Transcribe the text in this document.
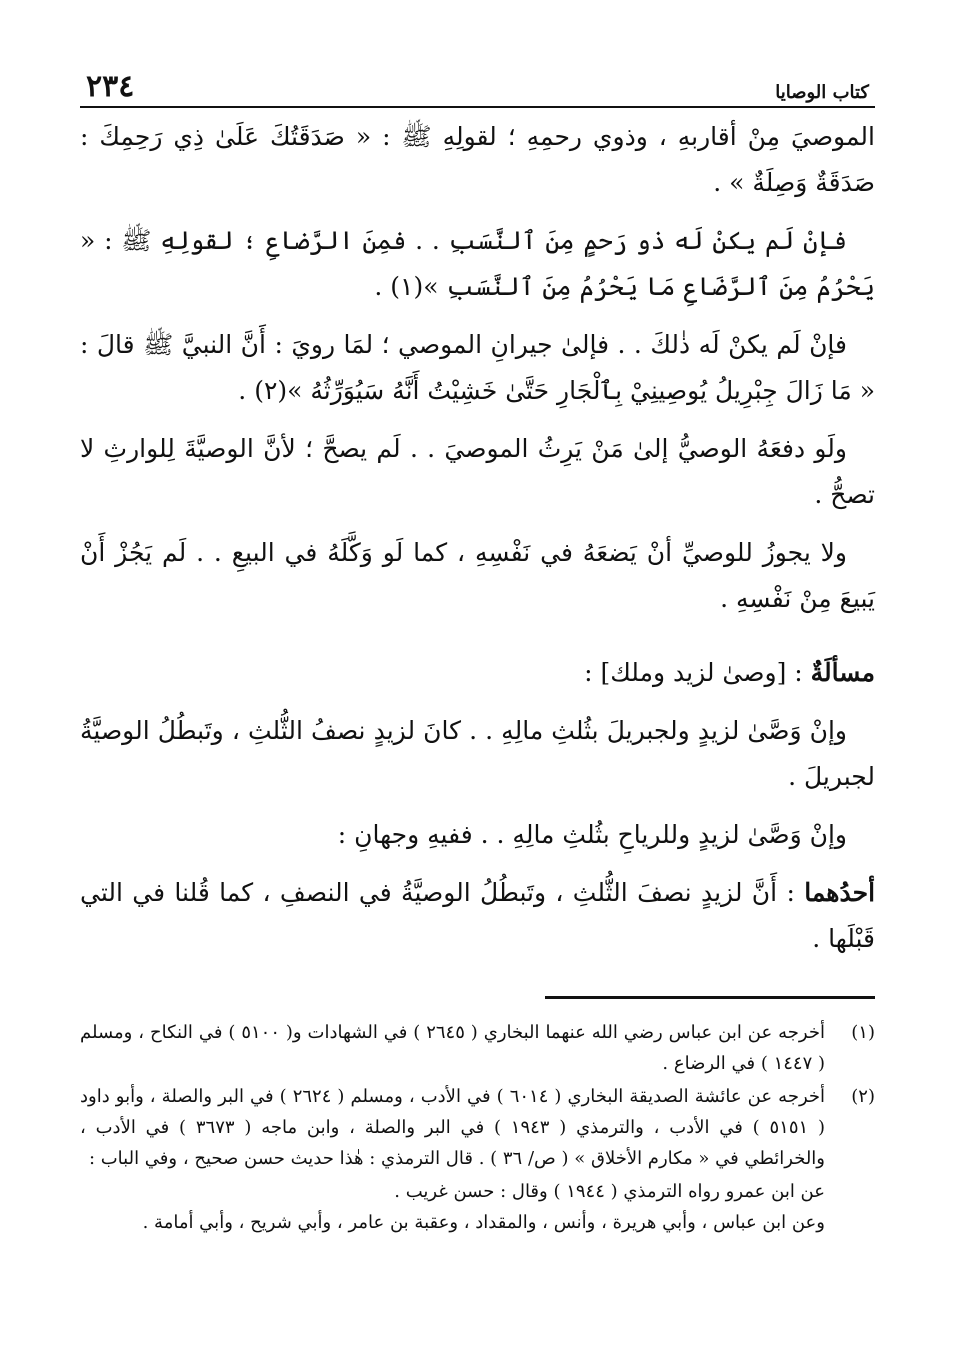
كتاب الوصايا
٢٣٤

الموصيَ مِنْ أقاربهِ ، وذوي رحمِهِ ؛ لقولِهِ ﷺ : « صَدَقَتُكَ عَلَىٰ ذِي رَحِمِكَ : صَدَقَةٌ وَصِلَةٌ » .

فإنْ لَم يكنْ لَه ذو رَحمٍ مِنَ ٱلنَّسَبِ . . فمِنَ الرَّضاعِ ؛ لقولِهِ ﷺ : « يَحْرُمُ مِنَ ٱلرَّضَاعِ مَا يَحْرُمُ مِنَ ٱلنَّسَبِ »(١) .

فإنْ لَم يكنْ لَه ذٰلكَ . . فإلىٰ جيرانِ الموصي ؛ لمَا رويَ : أَنَّ النبيَّ ﷺ قالَ : « مَا زَالَ جِبْرِيلُ يُوصِينِيْ بِٱلْجَارِ حَتَّىٰ خَشِيْتُ أَنَّهُ سَيُوَرِّثُهُ »(٢) .

ولَو دفعَهُ الوصيُّ إلىٰ مَنْ يَرِثُ الموصيَ . . لَم يصحَّ ؛ لأنَّ الوصيَّةَ لِلوارثِ لا تصحُّ .

ولا يجوزُ للوصيِّ أنْ يَضعَهُ في نَفْسِهِ ، كما لَو وَكَّلَهُ في البيعِ . . لَم يَجُزْ أَنْ يَبيعَ مِنْ نَفْسِهِ .

مسألَةٌ : [وصىٰ لزيد وملك] :

وإنْ وَصَّىٰ لزيدٍ ولجبريلَ بثُلثِ مالِهِ . . كانَ لزيدٍ نصفُ الثُّلثِ ، وتَبطُلُ الوصيَّةُ لجبريلَ .

وإنْ وَصَّىٰ لزيدٍ وللرياحِ بثُلثِ مالِهِ . . ففيهِ وجهانِ :

أحدُهما : أَنَّ لزيدٍ نصفَ الثُّلثِ ، وتَبطُلُ الوصيَّةُ في النصفِ ، كما قُلنا في التي قَبْلَها .

(١)
أخرجه عن ابن عباس رضي الله عنهما البخاري ( ٢٦٤٥ ) في الشهادات و( ٥١٠٠ ) في النكاح ، ومسلم ( ١٤٤٧ ) في الرضاع .
(٢)
أخرجه عن عائشة الصديقة البخاري ( ٦٠١٤ ) في الأدب ، ومسلم ( ٢٦٢٤ ) في البر والصلة ، وأبو داود ( ٥١٥١ ) في الأدب ، والترمذي ( ١٩٤٣ ) في البر والصلة ، وابن ماجه ( ٣٦٧٣ ) في الأدب ، والخرائطي في « مكارم الأخلاق » ( ص/ ٣٦ ) . قال الترمذي : هٰذا حديث حسن صحيح ، وفي الباب :
عن ابن عمرو رواه الترمذي ( ١٩٤٤ ) وقال : حسن غريب .
وعن ابن عباس ، وأبي هريرة ، وأنس ، والمقداد ، وعقبة بن عامر ، وأبي شريح ، وأبي أمامة .
